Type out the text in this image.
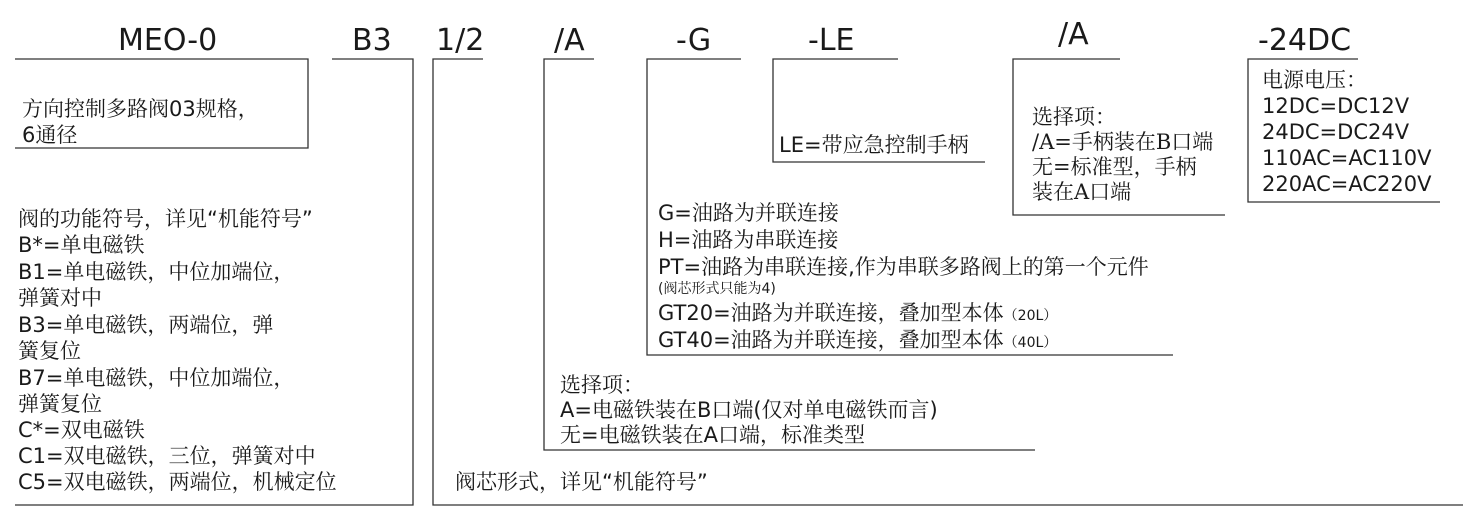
MEO-0	B3 1/2 /A	-G	-LE	/A	-24DC
方向控制多路阀03规格，
6通径
阀的功能符号，详见“机能符号”
B*=单电磁铁
B1=单电磁铁，中位加端位，
弹簧对中
B3=单电磁铁，两端位，弹
簧复位
B7=单电磁铁，中位加端位，
弹簧复位
C*=双电磁铁
C1=双电磁铁，三位，弹簧对中
C5=双电磁铁，两端位，机械定位	阀芯形式，详见“机能符号”
选择项：
A=电磁铁装在B口端(仅对单电磁铁而言)
无=电磁铁装在A口端，标准类型
G=油路为并联连接
H=油路为串联连接
PT=油路为串联连接,作为串联多路阀上的第一个元件
(阀芯形式只能为4)
GT20=油路为并联连接，叠加型本体（20L）
GT40=油路为并联连接，叠加型本体（40L）
LE=带应急控制手柄
选择项：
/A=手柄装在B口端
无=标准型，手柄
装在A口端
电源电压：
12DC=DC12V
24DC=DC24V
110AC=AC110V
220AC=AC220V
